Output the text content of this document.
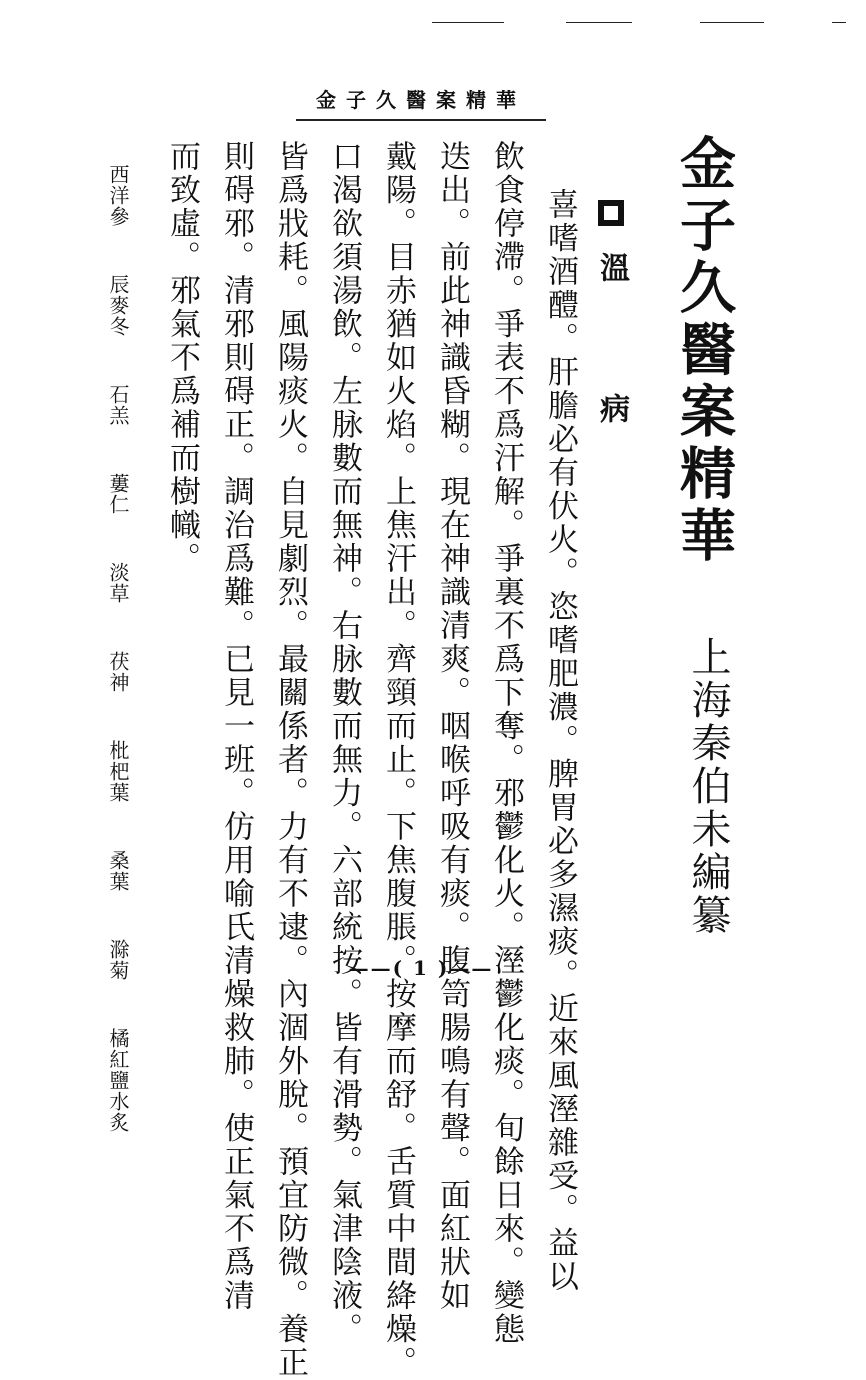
金子久醫案精華
金子久醫案精華
上海秦伯未編纂
溫 病
喜嗜酒醴。肝膽必有伏火。恣嗜肥濃。脾胃必多濕痰。近來風溼雜受。益以
飲食停滯。爭表不爲汗解。爭裏不爲下奪。邪鬱化火。溼鬱化痰。旬餘日來。變態
迭出。前此神識昏糊。現在神識清爽。咽喉呼吸有痰。腹笥腸鳴有聲。面紅狀如
戴陽。目赤猶如火焰。上焦汗出。齊頸而止。下焦腹脹。按摩而舒。舌質中間絳燥。
口渴欲須湯飲。左脉數而無神。右脉數而無力。六部統按。皆有滑勢。氣津陰液。
皆爲戕耗。風陽痰火。自見劇烈。最關係者。力有不逮。內涸外脫。預宜防微。養正
則碍邪。清邪則碍正。調治爲難。已見一班。仿用喻氏清燥救肺。使正氣不爲清
而致虛。邪氣不爲補而樹幟。
西洋參 辰麥冬 石羔 蔞仁 淡草 茯神 枇杷葉 桑葉 滁菊 橘紅鹽水炙
——( 1 )——
